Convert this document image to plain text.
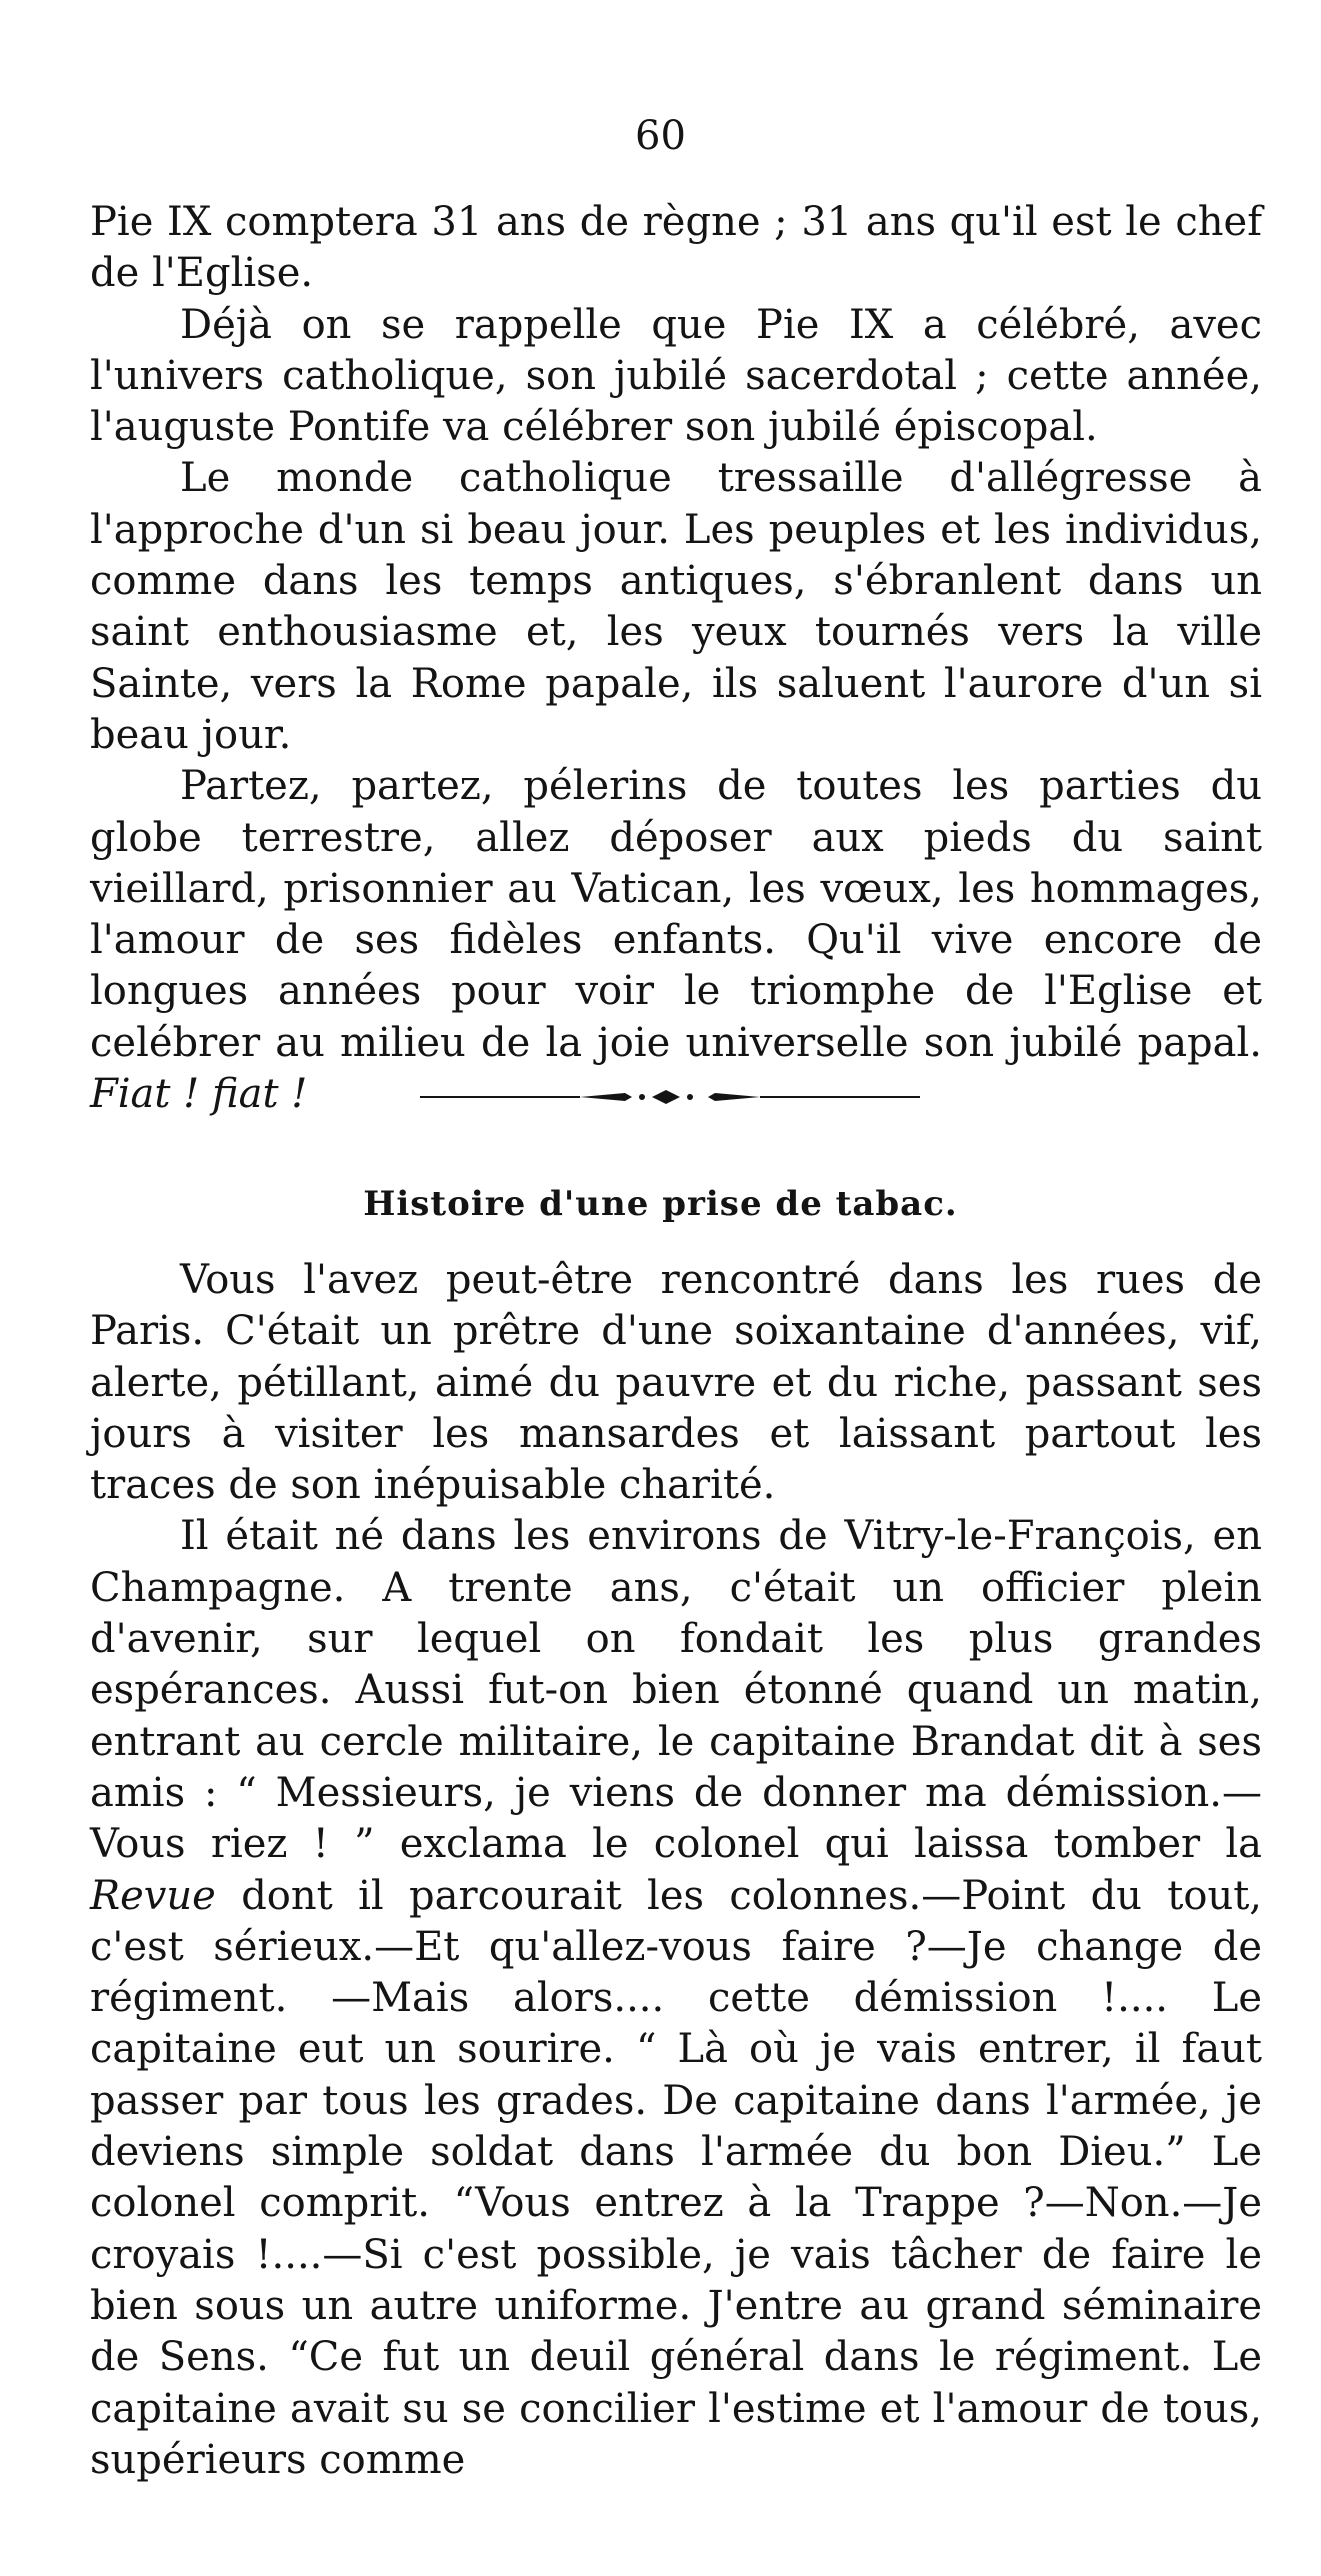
60

Pie IX comptera 31 ans de règne ; 31 ans qu'il est le chef de l'Eglise.

Déjà on se rappelle que Pie IX a célébré, avec l'univers catholique, son jubilé sacerdotal ; cette année, l'auguste Pontife va célébrer son jubilé épiscopal.

Le monde catholique tressaille d'allégresse à l'approche d'un si beau jour. Les peuples et les individus, comme dans les temps antiques, s'ébranlent dans un saint enthousiasme et, les yeux tournés vers la ville Sainte, vers la Rome papale, ils saluent l'aurore d'un si beau jour.

Partez, partez, pélerins de toutes les parties du globe terrestre, allez déposer aux pieds du saint vieillard, prisonnier au Vatican, les vœux, les hommages, l'amour de ses fidèles enfants. Qu'il vive encore de longues années pour voir le triomphe de l'Eglise et celébrer au milieu de la joie universelle son jubilé papal. Fiat ! fiat !

Histoire d'une prise de tabac.

Vous l'avez peut-être rencontré dans les rues de Paris. C'était un prêtre d'une soixantaine d'années, vif, alerte, pétillant, aimé du pauvre et du riche, passant ses jours à visiter les mansardes et laissant partout les traces de son inépuisable charité.

Il était né dans les environs de Vitry-le-François, en Champagne. A trente ans, c'était un officier plein d'avenir, sur lequel on fondait les plus grandes espérances. Aussi fut-on bien étonné quand un matin, entrant au cercle militaire, le capitaine Brandat dit à ses amis : “ Messieurs, je viens de donner ma démission.—Vous riez ! ” exclama le colonel qui laissa tomber la Revue dont il parcourait les colonnes.—Point du tout, c'est sérieux.—Et qu'allez-vous faire ?—Je change de régiment. —Mais alors.... cette démission !.... Le capitaine eut un sourire. “ Là où je vais entrer, il faut passer par tous les grades. De capitaine dans l'armée, je deviens simple soldat dans l'armée du bon Dieu.” Le colonel comprit. “Vous entrez à la Trappe ?—Non.—Je croyais !....—Si c'est possible, je vais tâcher de faire le bien sous un autre uniforme. J'entre au grand séminaire de Sens. “Ce fut un deuil général dans le régiment. Le capitaine avait su se concilier l'estime et l'amour de tous, supérieurs comme
